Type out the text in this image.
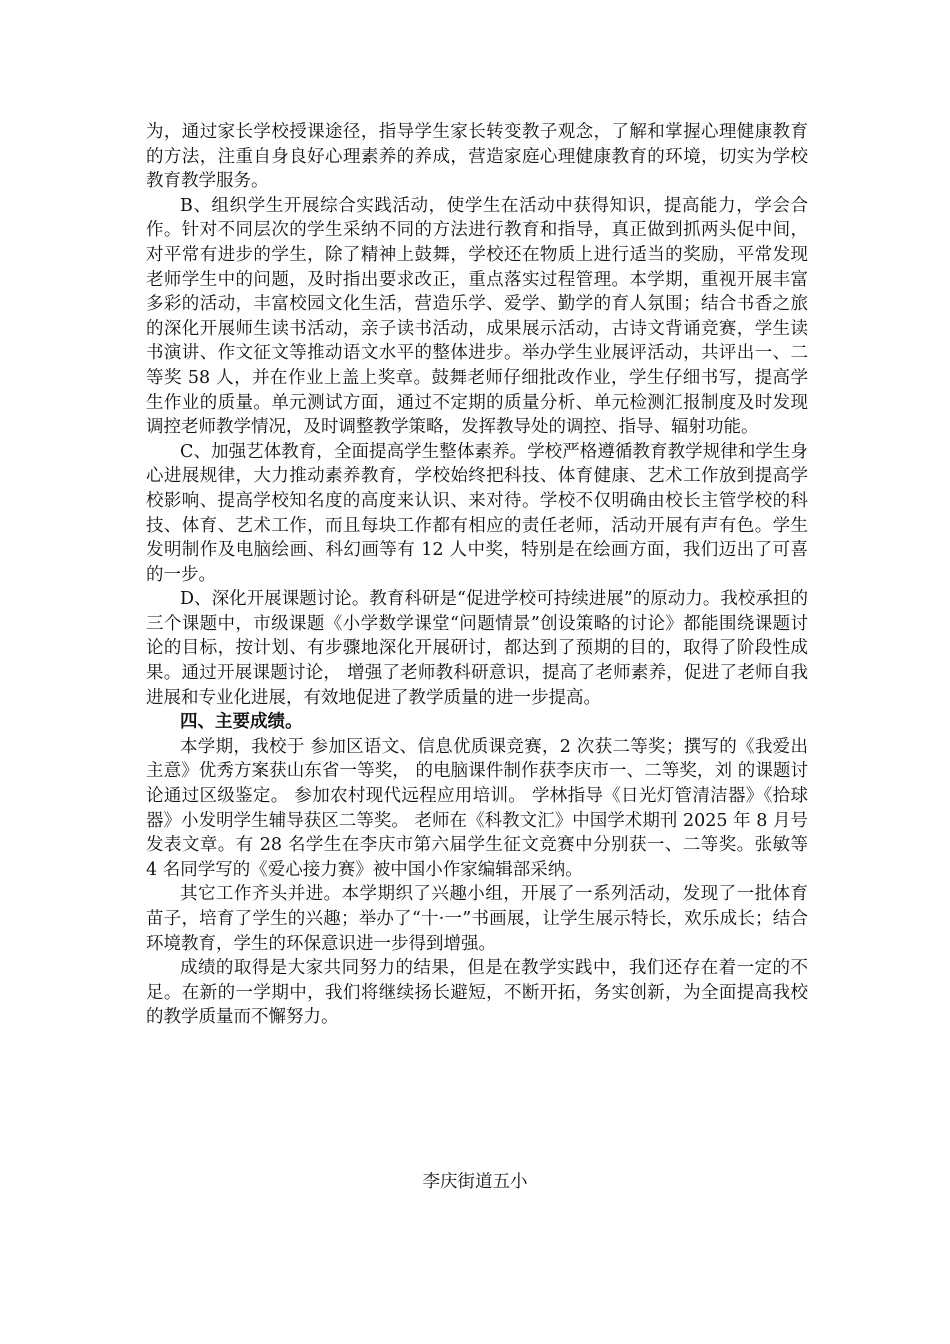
为，通过家长学校授课途径，指导学生家长转变教子观念，了解和掌握心理健康教育的方法，注重自身良好心理素养的养成，营造家庭心理健康教育的环境，切实为学校教育教学服务。

B、组织学生开展综合实践活动，使学生在活动中获得知识，提高能力，学会合作。针对不同层次的学生采纳不同的方法进行教育和指导，真正做到抓两头促中间，对平常有进步的学生，除了精神上鼓舞，学校还在物质上进行适当的奖励，平常发现老师学生中的问题，及时指出要求改正，重点落实过程管理。本学期，重视开展丰富多彩的活动，丰富校园文化生活，营造乐学、爱学、勤学的育人氛围；结合书香之旅的深化开展师生读书活动，亲子读书活动，成果展示活动，古诗文背诵竞赛，学生读书演讲、作文征文等推动语文水平的整体进步。举办学生业展评活动，共评出一、二等奖 58 人，并在作业上盖上奖章。鼓舞老师仔细批改作业，学生仔细书写，提高学生作业的质量。单元测试方面，通过不定期的质量分析、单元检测汇报制度及时发现调控老师教学情况，及时调整教学策略，发挥教导处的调控、指导、辐射功能。

C、加强艺体教育，全面提高学生整体素养。学校严格遵循教育教学规律和学生身心进展规律，大力推动素养教育，学校始终把科技、体育健康、艺术工作放到提高学校影响、提高学校知名度的高度来认识、来对待。学校不仅明确由校长主管学校的科技、体育、艺术工作，而且每块工作都有相应的责任老师，活动开展有声有色。学生发明制作及电脑绘画、科幻画等有 12 人中奖，特别是在绘画方面，我们迈出了可喜的一步。

D、深化开展课题讨论。教育科研是“促进学校可持续进展”的原动力。我校承担的三个课题中，市级课题《小学数学课堂“问题情景”创设策略的讨论》都能围绕课题讨论的目标，按计划、有步骤地深化开展研讨，都达到了预期的目的，取得了阶段性成果。通过开展课题讨论， 增强了老师教科研意识，提高了老师素养，促进了老师自我进展和专业化进展，有效地促进了教学质量的进一步提高。

四、主要成绩。

本学期，我校于 参加区语文、信息优质课竞赛，2 次获二等奖；撰写的《我爱出主意》优秀方案获山东省一等奖， 的电脑课件制作获李庆市一、二等奖，刘 的课题讨论通过区级鉴定。 参加农村现代远程应用培训。 学林指导《日光灯管清洁器》《拾球器》小发明学生辅导获区二等奖。 老师在《科教文汇》中国学术期刊 2025 年 8 月号发表文章。有 28 名学生在李庆市第六届学生征文竞赛中分别获一、二等奖。张敏等 4 名同学写的《爱心接力赛》被中国小作家编辑部采纳。

其它工作齐头并进。本学期织了兴趣小组，开展了一系列活动，发现了一批体育苗子，培育了学生的兴趣；举办了“十·一”书画展，让学生展示特长，欢乐成长；结合环境教育，学生的环保意识进一步得到增强。

成绩的取得是大家共同努力的结果，但是在教学实践中，我们还存在着一定的不足。在新的一学期中，我们将继续扬长避短，不断开拓，务实创新，为全面提高我校的教学质量而不懈努力。

李庆街道五小
